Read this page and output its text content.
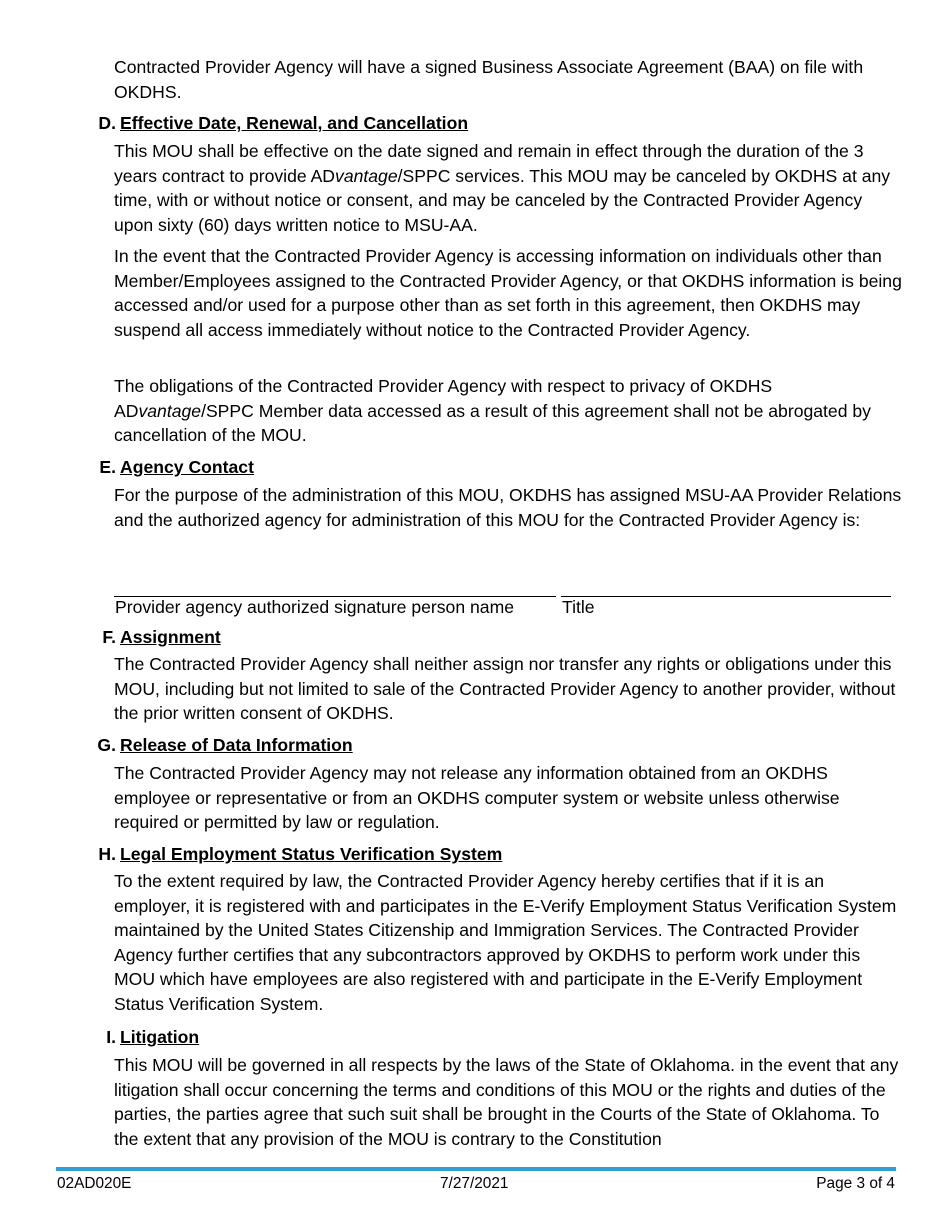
Contracted Provider Agency will have a signed Business Associate Agreement (BAA) on file with OKDHS.

D. Effective Date, Renewal, and Cancellation

This MOU shall be effective on the date signed and remain in effect through the duration of the 3 years contract to provide ADvantage/SPPC services. This MOU may be canceled by OKDHS at any time, with or without notice or consent, and may be canceled by the Contracted Provider Agency upon sixty (60) days written notice to MSU-AA.

In the event that the Contracted Provider Agency is accessing information on individuals other than Member/Employees assigned to the Contracted Provider Agency, or that OKDHS information is being accessed and/or used for a purpose other than as set forth in this agreement, then OKDHS may suspend all access immediately without notice to the Contracted Provider Agency.

The obligations of the Contracted Provider Agency with respect to privacy of OKDHS ADvantage/SPPC Member data accessed as a result of this agreement shall not be abrogated by cancellation of the MOU.

E. Agency Contact

For the purpose of the administration of this MOU, OKDHS has assigned MSU-AA Provider Relations and the authorized agency for administration of this MOU for the Contracted Provider Agency is:

Provider agency authorized signature person name	Title
F. Assignment

The Contracted Provider Agency shall neither assign nor transfer any rights or obligations under this MOU, including but not limited to sale of the Contracted Provider Agency to another provider, without the prior written consent of OKDHS.

G. Release of Data Information

The Contracted Provider Agency may not release any information obtained from an OKDHS employee or representative or from an OKDHS computer system or website unless otherwise required or permitted by law or regulation.

H. Legal Employment Status Verification System

To the extent required by law, the Contracted Provider Agency hereby certifies that if it is an employer, it is registered with and participates in the E-Verify Employment Status Verification System maintained by the United States Citizenship and Immigration Services. The Contracted Provider Agency further certifies that any subcontractors approved by OKDHS to perform work under this MOU which have employees are also registered with and participate in the E-Verify Employment Status Verification System.

I. Litigation

This MOU will be governed in all respects by the laws of the State of Oklahoma. in the event that any litigation shall occur concerning the terms and conditions of this MOU or the rights and duties of the parties, the parties agree that such suit shall be brought in the Courts of the State of Oklahoma. To the extent that any provision of the MOU is contrary to the Constitution

02AD020E	7/27/2021	Page 3 of 4
